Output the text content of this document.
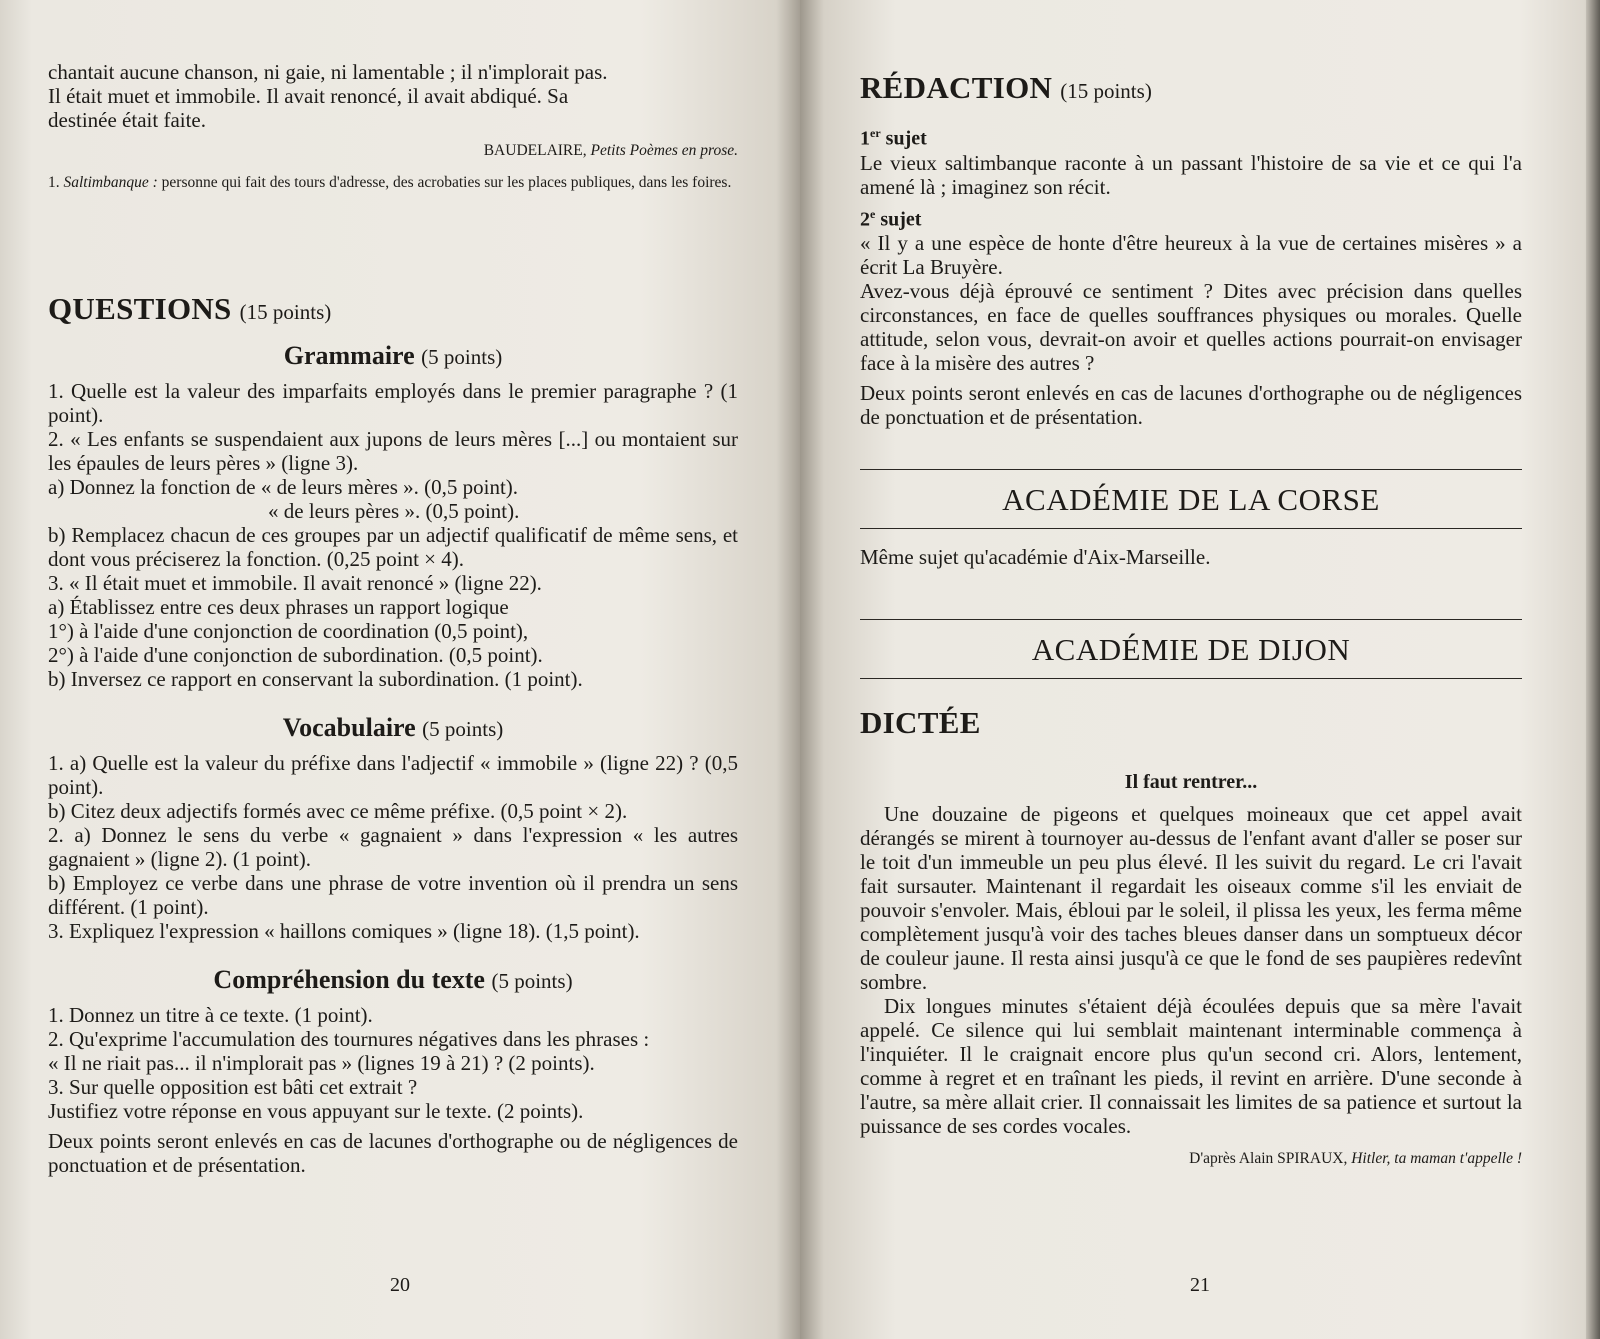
chantait aucune chanson, ni gaie, ni lamentable ; il n'implorait pas.

Il était muet et immobile. Il avait renoncé, il avait abdiqué. Sa

destinée était faite.

BAUDELAIRE, Petits Poèmes en prose.

1. Saltimbanque : personne qui fait des tours d'adresse, des acrobaties sur les places publiques, dans les foires.

QUESTIONS (15 points)

Grammaire (5 points)

1. Quelle est la valeur des imparfaits employés dans le premier paragraphe ? (1 point).

2. « Les enfants se suspendaient aux jupons de leurs mères [...] ou montaient sur les épaules de leurs pères » (ligne 3).

a) Donnez la fonction de « de leurs mères ». (0,5 point).

« de leurs pères ». (0,5 point).

b) Remplacez chacun de ces groupes par un adjectif qualificatif de même sens, et dont vous préciserez la fonction. (0,25 point × 4).

3. « Il était muet et immobile. Il avait renoncé » (ligne 22).

a) Établissez entre ces deux phrases un rapport logique

1°) à l'aide d'une conjonction de coordination (0,5 point),

2°) à l'aide d'une conjonction de subordination. (0,5 point).

b) Inversez ce rapport en conservant la subordination. (1 point).

Vocabulaire (5 points)

1. a) Quelle est la valeur du préfixe dans l'adjectif « immobile » (ligne 22) ? (0,5 point).

b) Citez deux adjectifs formés avec ce même préfixe. (0,5 point × 2).

2. a) Donnez le sens du verbe « gagnaient » dans l'expression « les autres gagnaient » (ligne 2). (1 point).

b) Employez ce verbe dans une phrase de votre invention où il prendra un sens différent. (1 point).

3. Expliquez l'expression « haillons comiques » (ligne 18). (1,5 point).

Compréhension du texte (5 points)

1. Donnez un titre à ce texte. (1 point).

2. Qu'exprime l'accumulation des tournures négatives dans les phrases :

« Il ne riait pas... il n'implorait pas » (lignes 19 à 21) ? (2 points).

3. Sur quelle opposition est bâti cet extrait ?

Justifiez votre réponse en vous appuyant sur le texte. (2 points).

Deux points seront enlevés en cas de lacunes d'orthographe ou de négligences de ponctuation et de présentation.

20

RÉDACTION (15 points)

1er sujet

Le vieux saltimbanque raconte à un passant l'histoire de sa vie et ce qui l'a amené là ; imaginez son récit.

2e sujet

« Il y a une espèce de honte d'être heureux à la vue de certaines misères » a écrit La Bruyère.

Avez-vous déjà éprouvé ce sentiment ? Dites avec précision dans quelles circonstances, en face de quelles souffrances physiques ou morales. Quelle attitude, selon vous, devrait-on avoir et quelles actions pourrait-on envisager face à la misère des autres ?

Deux points seront enlevés en cas de lacunes d'orthographe ou de négligences de ponctuation et de présentation.

ACADÉMIE DE LA CORSE

Même sujet qu'académie d'Aix-Marseille.

ACADÉMIE DE DIJON

DICTÉE

Il faut rentrer...

Une douzaine de pigeons et quelques moineaux que cet appel avait dérangés se mirent à tournoyer au-dessus de l'enfant avant d'aller se poser sur le toit d'un immeuble un peu plus élevé. Il les suivit du regard. Le cri l'avait fait sursauter. Maintenant il regardait les oiseaux comme s'il les enviait de pouvoir s'envoler. Mais, ébloui par le soleil, il plissa les yeux, les ferma même complètement jusqu'à voir des taches bleues danser dans un somptueux décor de couleur jaune. Il resta ainsi jusqu'à ce que le fond de ses paupières redevînt sombre.

Dix longues minutes s'étaient déjà écoulées depuis que sa mère l'avait appelé. Ce silence qui lui semblait maintenant interminable commença à l'inquiéter. Il le craignait encore plus qu'un second cri. Alors, lentement, comme à regret et en traînant les pieds, il revint en arrière. D'une seconde à l'autre, sa mère allait crier. Il connaissait les limites de sa patience et surtout la puissance de ses cordes vocales.

D'après Alain SPIRAUX, Hitler, ta maman t'appelle !

21
